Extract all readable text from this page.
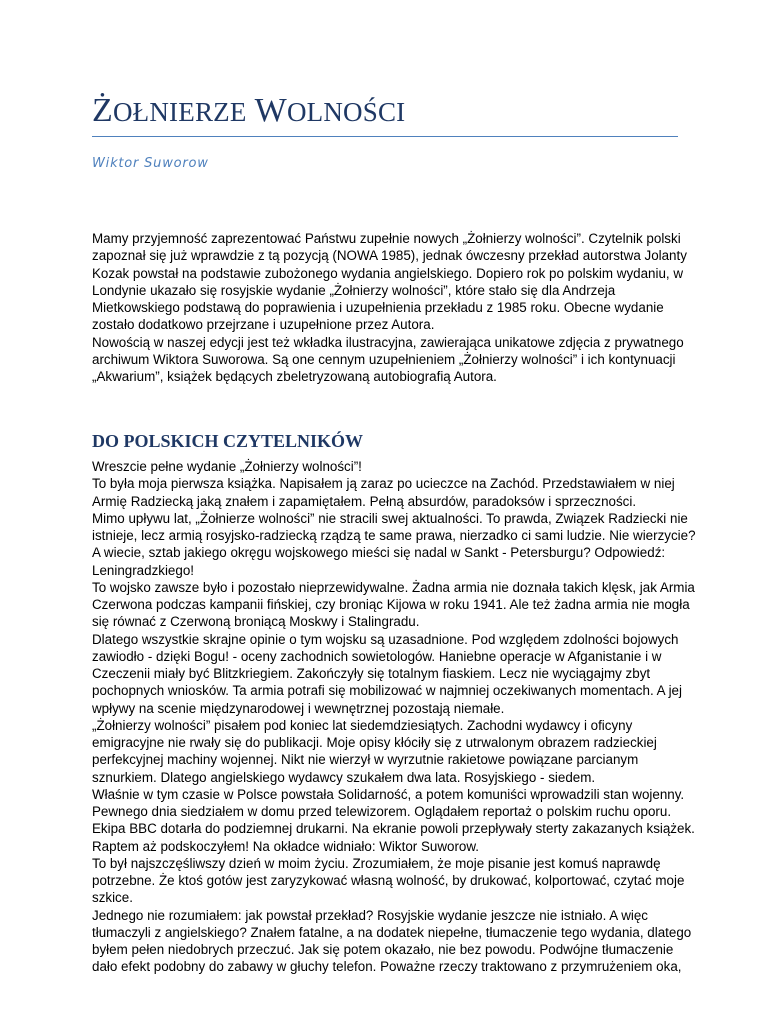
ŻOŁNIERZE WOLNOŚCI
Wiktor Suworow
Mamy przyjemność zaprezentować Państwu zupełnie nowych „Żołnierzy wolności”. Czytelnik polski
zapoznał się już wprawdzie z tą pozycją (NOWA 1985), jednak ówczesny przekład autorstwa Jolanty
Kozak powstał na podstawie zubożonego wydania angielskiego. Dopiero rok po polskim wydaniu, w
Londynie ukazało się rosyjskie wydanie „Żołnierzy wolności”, które stało się dla Andrzeja
Mietkowskiego podstawą do poprawienia i uzupełnienia przekładu z 1985 roku. Obecne wydanie
zostało dodatkowo przejrzane i uzupełnione przez Autora.
Nowością w naszej edycji jest też wkładka ilustracyjna, zawierająca unikatowe zdjęcia z prywatnego
archiwum Wiktora Suworowa. Są one cennym uzupełnieniem „Żołnierzy wolności” i ich kontynuacji
„Akwarium”, książek będących zbeletryzowaną autobiografią Autora.
DO POLSKICH CZYTELNIKÓW
Wreszcie pełne wydanie „Żołnierzy wolności”!
To była moja pierwsza książka. Napisałem ją zaraz po ucieczce na Zachód. Przedstawiałem w niej
Armię Radziecką jaką znałem i zapamiętałem. Pełną absurdów, paradoksów i sprzeczności.
Mimo upływu lat, „Żołnierze wolności” nie stracili swej aktualności. To prawda, Związek Radziecki nie
istnieje, lecz armią rosyjsko-radziecką rządzą te same prawa, nierzadko ci sami ludzie. Nie wierzycie?
A wiecie, sztab jakiego okręgu wojskowego mieści się nadal w Sankt - Petersburgu? Odpowiedź:
Leningradzkiego!
To wojsko zawsze było i pozostało nieprzewidywalne. Żadna armia nie doznała takich klęsk, jak Armia
Czerwona podczas kampanii fińskiej, czy broniąc Kijowa w roku 1941. Ale też żadna armia nie mogła
się równać z Czerwoną broniącą Moskwy i Stalingradu.
Dlatego wszystkie skrajne opinie o tym wojsku są uzasadnione. Pod względem zdolności bojowych
zawiodło - dzięki Bogu! - oceny zachodnich sowietologów. Haniebne operacje w Afganistanie i w
Czeczenii miały być Blitzkriegiem. Zakończyły się totalnym fiaskiem. Lecz nie wyciągajmy zbyt
pochopnych wniosków. Ta armia potrafi się mobilizować w najmniej oczekiwanych momentach. A jej
wpływy na scenie międzynarodowej i wewnętrznej pozostają niemałe.
„Żołnierzy wolności” pisałem pod koniec lat siedemdziesiątych. Zachodni wydawcy i oficyny
emigracyjne nie rwały się do publikacji. Moje opisy kłóciły się z utrwalonym obrazem radzieckiej
perfekcyjnej machiny wojennej. Nikt nie wierzył w wyrzutnie rakietowe powiązane parcianym
sznurkiem. Dlatego angielskiego wydawcy szukałem dwa lata. Rosyjskiego - siedem.
Właśnie w tym czasie w Polsce powstała Solidarność, a potem komuniści wprowadzili stan wojenny.
Pewnego dnia siedziałem w domu przed telewizorem. Oglądałem reportaż o polskim ruchu oporu.
Ekipa BBC dotarła do podziemnej drukarni. Na ekranie powoli przepływały sterty zakazanych książek.
Raptem aż podskoczyłem! Na okładce widniało: Wiktor Suworow.
To był najszczęśliwszy dzień w moim życiu. Zrozumiałem, że moje pisanie jest komuś naprawdę
potrzebne. Że ktoś gotów jest zaryzykować własną wolność, by drukować, kolportować, czytać moje
szkice.
Jednego nie rozumiałem: jak powstał przekład? Rosyjskie wydanie jeszcze nie istniało. A więc
tłumaczyli z angielskiego? Znałem fatalne, a na dodatek niepełne, tłumaczenie tego wydania, dlatego
byłem pełen niedobrych przeczuć. Jak się potem okazało, nie bez powodu. Podwójne tłumaczenie
dało efekt podobny do zabawy w głuchy telefon. Poważne rzeczy traktowano z przymrużeniem oka,
